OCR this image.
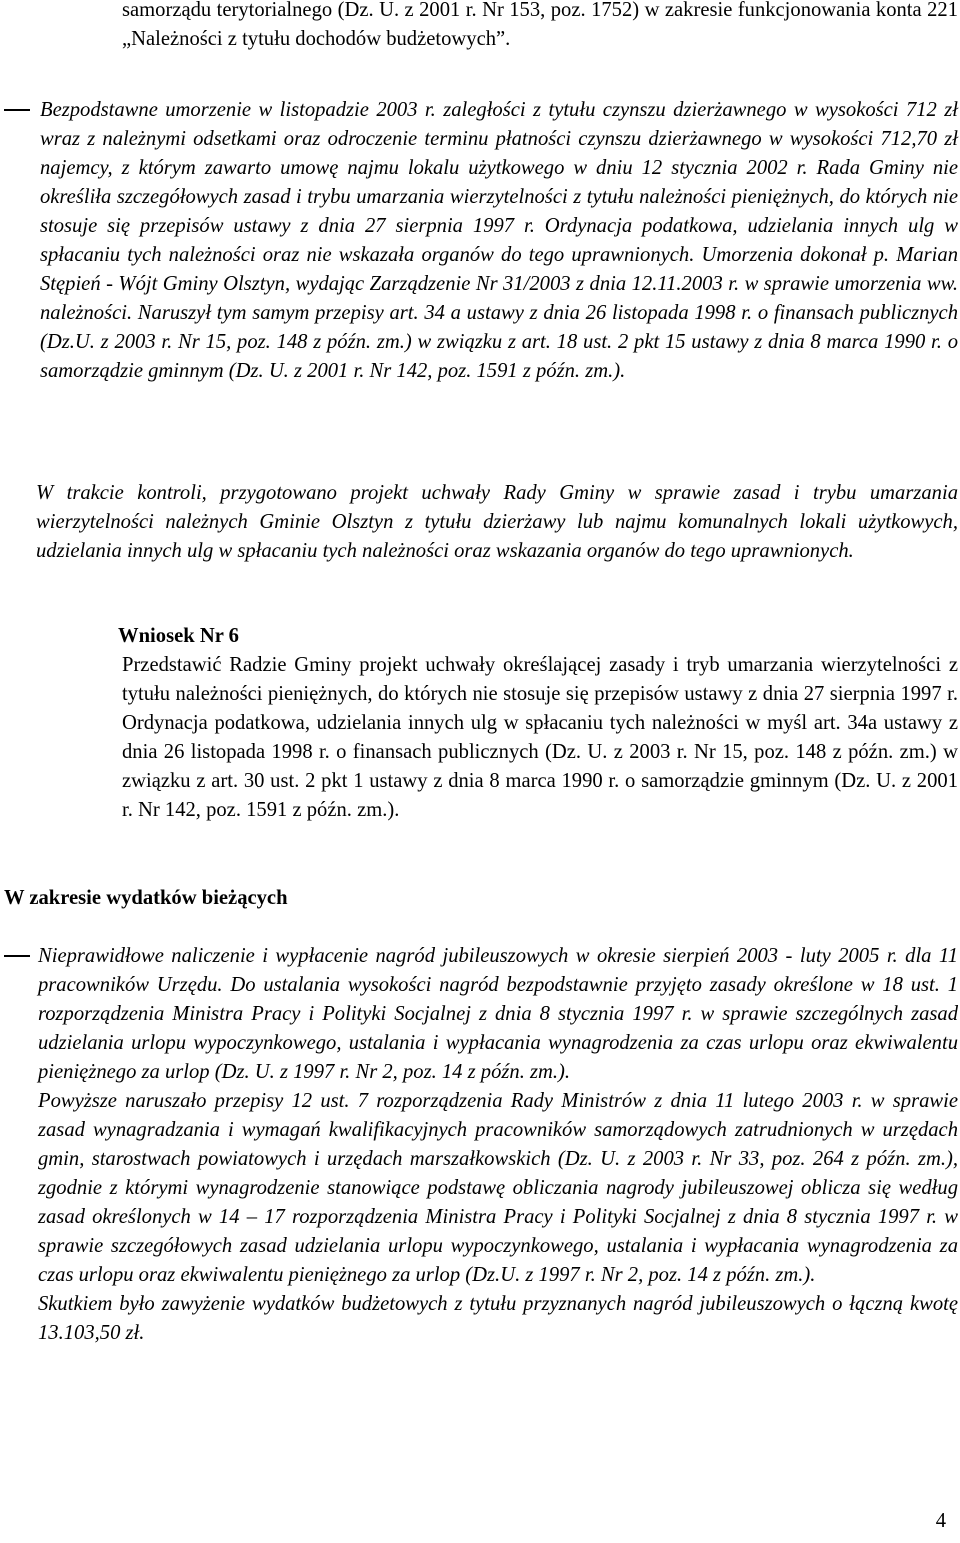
samorządu terytorialnego (Dz. U. z 2001 r. Nr 153, poz. 1752) w zakresie funkcjonowania konta 221 „Należności z tytułu dochodów budżetowych”.
Bezpodstawne umorzenie w listopadzie 2003 r. zaległości z tytułu czynszu dzierżawnego w wysokości 712 zł wraz z należnymi odsetkami oraz odroczenie terminu płatności czynszu dzierżawnego w wysokości 712,70 zł najemcy, z którym zawarto umowę najmu lokalu użytkowego w dniu 12 stycznia 2002 r. Rada Gminy nie określiła szczegółowych zasad i trybu umarzania wierzytelności z tytułu należności pieniężnych, do których nie stosuje się przepisów ustawy z dnia 27 sierpnia 1997 r. Ordynacja podatkowa, udzielania innych ulg w spłacaniu tych należności oraz nie wskazała organów do tego uprawnionych. Umorzenia dokonał p. Marian Stępień - Wójt Gminy Olsztyn, wydając Zarządzenie Nr 31/2003 z dnia 12.11.2003 r. w sprawie umorzenia ww. należności. Naruszył tym samym przepisy art. 34 a ustawy z dnia 26 listopada 1998 r. o finansach publicznych (Dz.U. z 2003 r. Nr 15, poz. 148 z późn. zm.) w związku z art. 18 ust. 2 pkt 15 ustawy z dnia 8 marca 1990 r. o samorządzie gminnym (Dz. U. z 2001 r. Nr 142, poz. 1591 z późn. zm.).
W trakcie kontroli, przygotowano projekt uchwały Rady Gminy w sprawie zasad i trybu umarzania wierzytelności należnych Gminie Olsztyn z tytułu dzierżawy lub najmu komunalnych lokali użytkowych, udzielania innych ulg w spłacaniu tych należności oraz wskazania organów do tego uprawnionych.
Wniosek Nr 6
Przedstawić Radzie Gminy projekt uchwały określającej zasady i tryb umarzania wierzytelności z tytułu należności pieniężnych, do których nie stosuje się przepisów ustawy z dnia 27 sierpnia 1997 r. Ordynacja podatkowa, udzielania innych ulg w spłacaniu tych należności w myśl art. 34a ustawy z dnia 26 listopada 1998 r. o finansach publicznych (Dz. U. z 2003 r. Nr 15, poz. 148 z późn. zm.) w związku z art. 30 ust. 2 pkt 1 ustawy z dnia 8 marca 1990 r. o samorządzie gminnym (Dz. U. z 2001 r. Nr 142, poz. 1591 z późn. zm.).
W zakresie wydatków bieżących
Nieprawidłowe naliczenie i wypłacenie nagród jubileuszowych w okresie sierpień 2003 - luty 2005 r. dla 11 pracowników Urzędu. Do ustalania wysokości nagród bezpodstawnie przyjęto zasady określone w 18 ust. 1 rozporządzenia Ministra Pracy i Polityki Socjalnej z dnia 8 stycznia 1997 r. w sprawie szczególnych zasad udzielania urlopu wypoczynkowego, ustalania i wypłacania wynagrodzenia za czas urlopu oraz ekwiwalentu pieniężnego za urlop (Dz. U. z 1997 r. Nr 2, poz. 14 z późn. zm.).
Powyższe naruszało przepisy 12 ust. 7 rozporządzenia Rady Ministrów z dnia 11 lutego 2003 r. w sprawie zasad wynagradzania i wymagań kwalifikacyjnych pracowników samorządowych zatrudnionych w urzędach gmin, starostwach powiatowych i urzędach marszałkowskich (Dz. U. z 2003 r. Nr 33, poz. 264 z późn. zm.), zgodnie z którymi wynagrodzenie stanowiące podstawę obliczania nagrody jubileuszowej oblicza się według zasad określonych w 14 – 17 rozporządzenia Ministra Pracy i Polityki Socjalnej z dnia 8 stycznia 1997 r. w sprawie szczegółowych zasad udzielania urlopu wypoczynkowego, ustalania i wypłacania wynagrodzenia za czas urlopu oraz ekwiwalentu pieniężnego za urlop (Dz.U. z 1997 r. Nr 2, poz. 14 z późn. zm.).
Skutkiem było zawyżenie wydatków budżetowych z tytułu przyznanych nagród jubileuszowych o łączną kwotę 13.103,50 zł.
4
